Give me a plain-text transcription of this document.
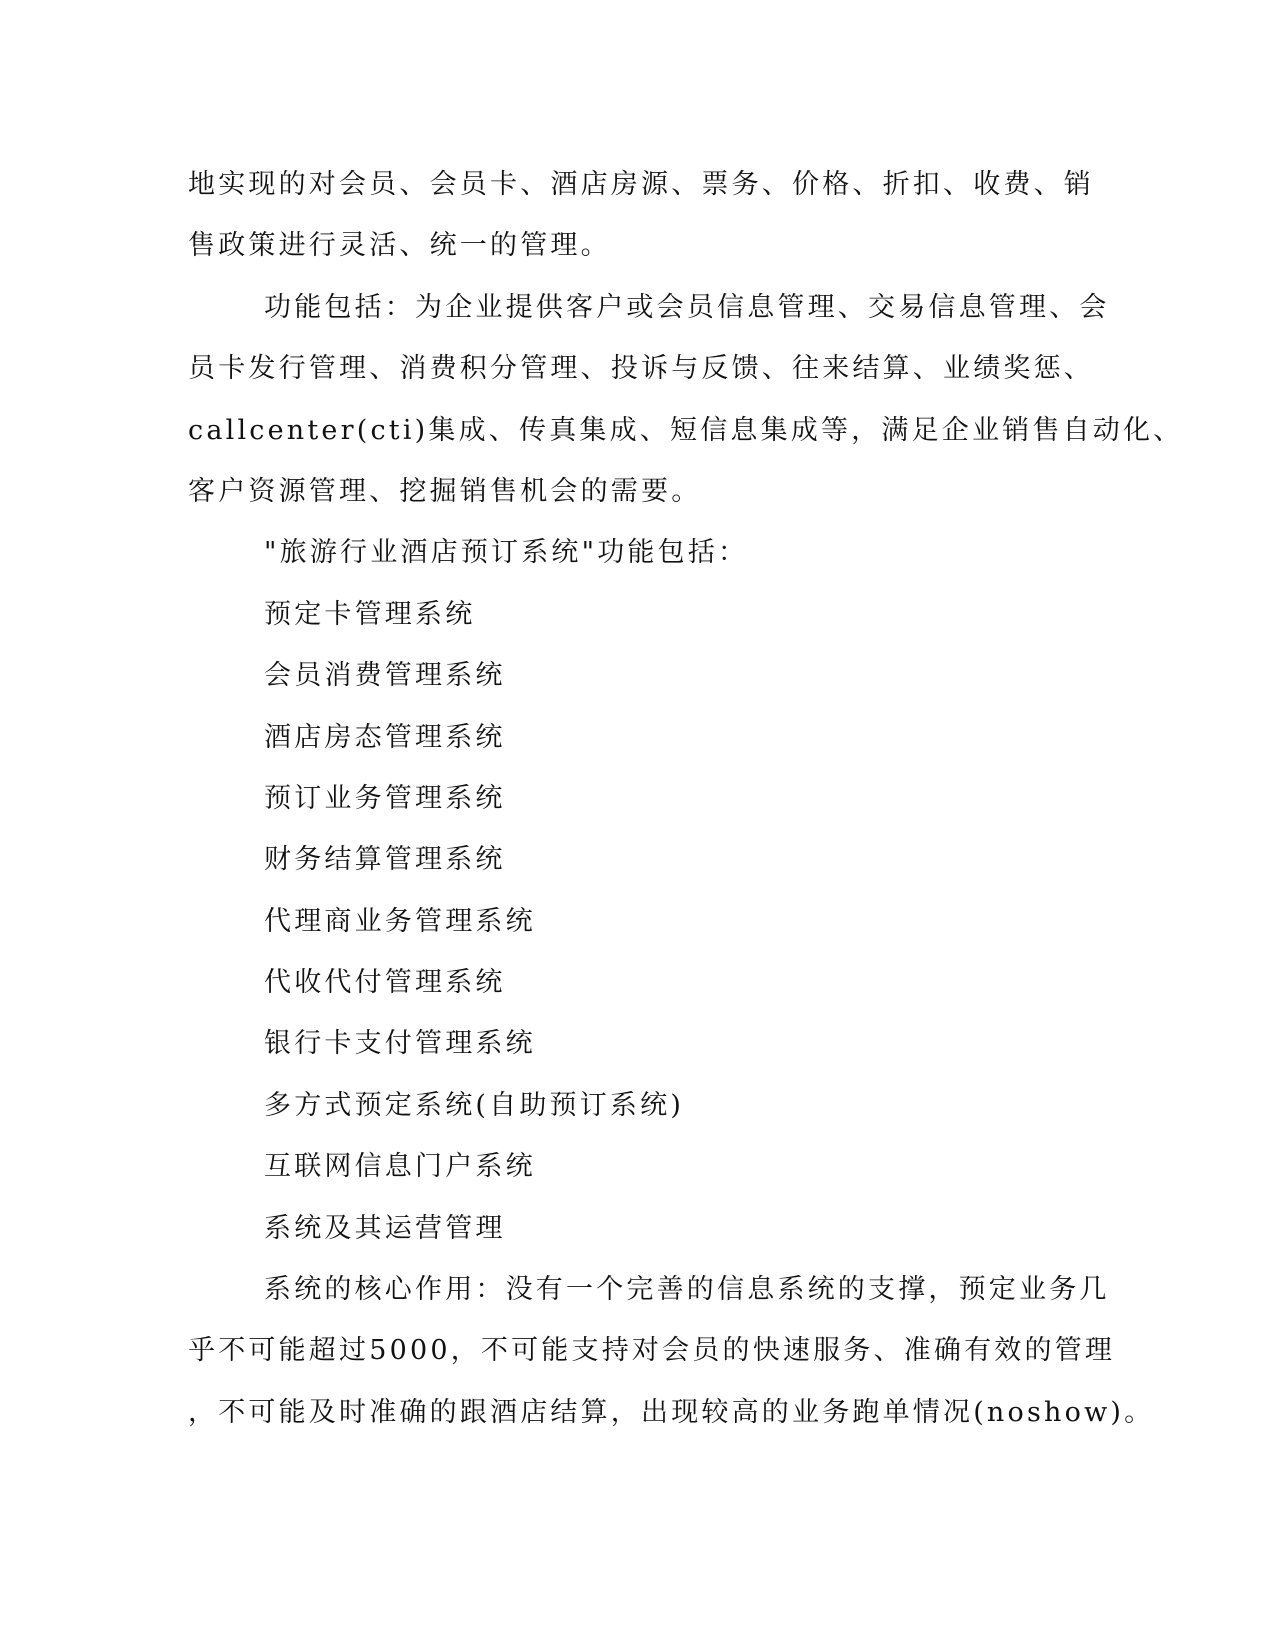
地实现的对会员、会员卡、酒店房源、票务、价格、折扣、收费、销
售政策进行灵活、统一的管理。
功能包括：为企业提供客户或会员信息管理、交易信息管理、会
员卡发行管理、消费积分管理、投诉与反馈、往来结算、业绩奖惩、
callcenter(cti)集成、传真集成、短信息集成等，满足企业销售自动化、
客户资源管理、挖掘销售机会的需要。
"旅游行业酒店预订系统"功能包括：
预定卡管理系统
会员消费管理系统
酒店房态管理系统
预订业务管理系统
财务结算管理系统
代理商业务管理系统
代收代付管理系统
银行卡支付管理系统
多方式预定系统(自助预订系统)
互联网信息门户系统
系统及其运营管理
系统的核心作用：没有一个完善的信息系统的支撑，预定业务几
乎不可能超过5000，不可能支持对会员的快速服务、准确有效的管理
，不可能及时准确的跟酒店结算，出现较高的业务跑单情况(noshow)。
